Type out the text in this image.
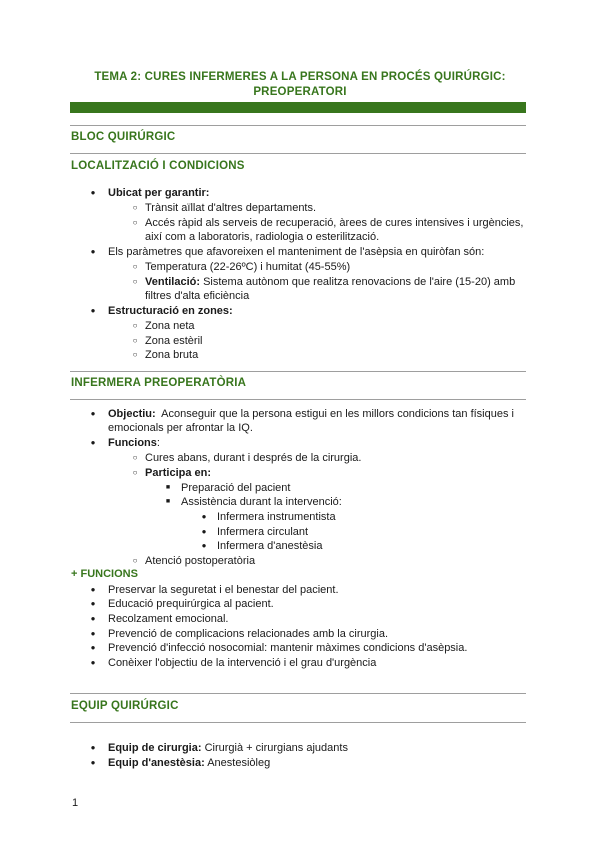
TEMA 2: CURES INFERMERES A LA PERSONA EN PROCÉS QUIRÚRGIC:
PREOPERATORI
BLOC QUIRÚRGIC
LOCALITZACIÓ I CONDICIONS
●	Ubicat per garantir:
○ Trànsit aïllat d'altres departaments.
○ Accés ràpid als serveis de recuperació, àrees de cures intensives i urgències,
així com a laboratoris, radiologia o esterilització.
●	Els paràmetres que afavoreixen el manteniment de l'asèpsia en quiròfan són:
○ Temperatura (22-26ºC) i humitat (45-55%)
○ Ventilació: Sistema autònom que realitza renovacions de l'aire (15-20) amb
filtres d'alta eficiència
●	Estructuració en zones:
○ Zona neta
○ Zona estèril
○ Zona bruta
INFERMERA PREOPERATÒRIA
●	Objectiu:  Aconseguir que la persona estigui en les millors condicions tan físiques i
emocionals per afrontar la IQ.
●	Funcions:
○ Cures abans, durant i després de la cirurgia.
○ Participa en:
■ Preparació del pacient
■ Assistència durant la intervenció:
● Infermera instrumentista
● Infermera circulant
● Infermera d'anestèsia
○ Atenció postoperatòria
+ FUNCIONS
●	Preservar la seguretat i el benestar del pacient.
●	Educació prequirúrgica al pacient.
●	Recolzament emocional.
●	Prevenció de complicacions relacionades amb la cirurgia.
●	Prevenció d'infecció nosocomial: mantenir màximes condicions d'asèpsia.
●	Conèixer l'objectiu de la intervenció i el grau d'urgència
EQUIP QUIRÚRGIC
●	Equip de cirurgia: Cirurgià + cirurgians ajudants
●	Equip d'anestèsia: Anestesiòleg
1
